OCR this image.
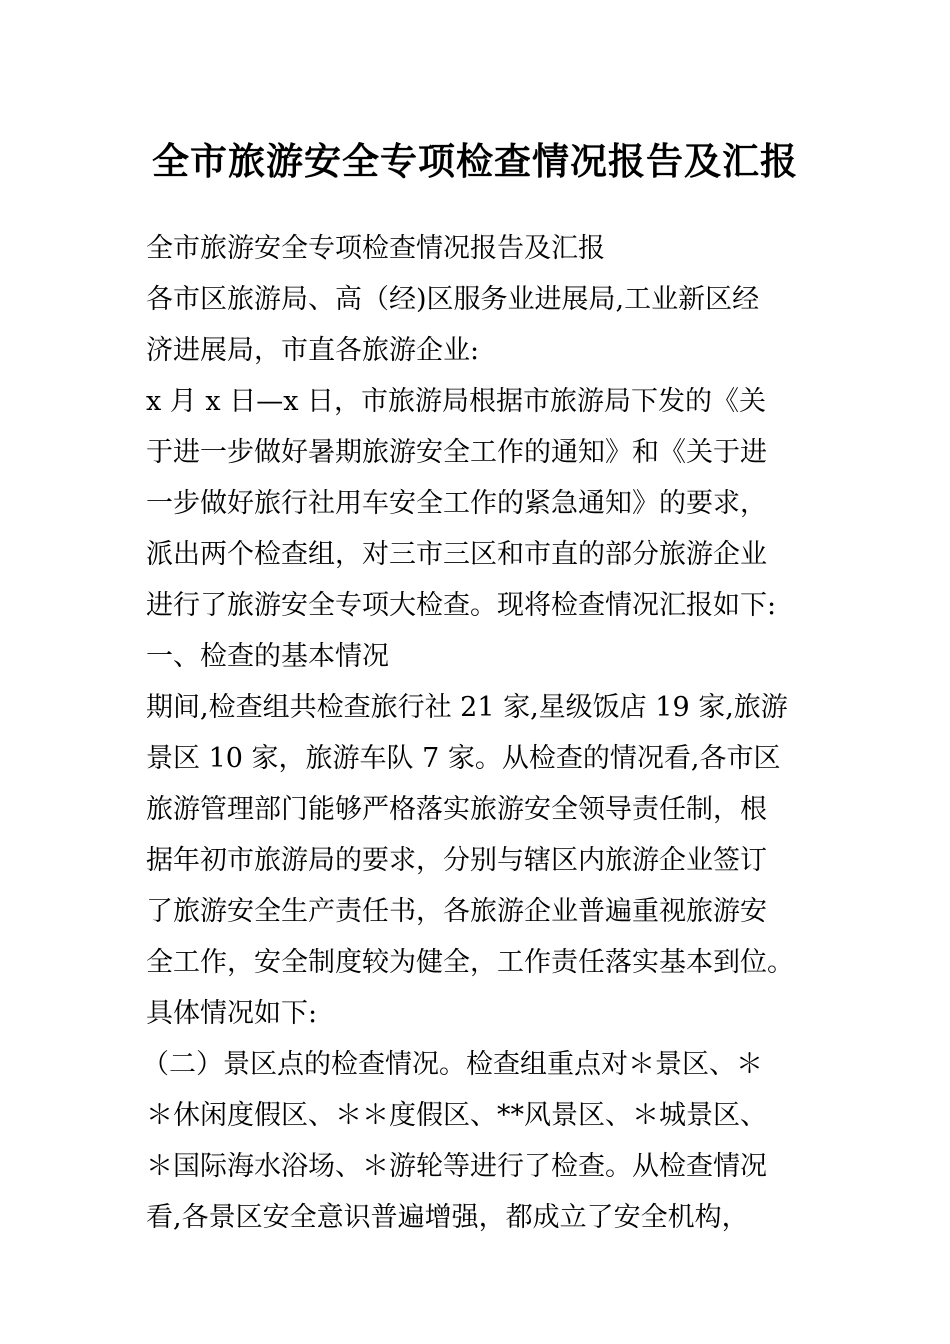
全市旅游安全专项检查情况报告及汇报
全市旅游安全专项检查情况报告及汇报
各市区旅游局、高（经)区服务业进展局,工业新区经
济进展局，市直各旅游企业:
x 月 x 日—x 日，市旅游局根据市旅游局下发的《关
于进一步做好暑期旅游安全工作的通知》和《关于进
一步做好旅行社用车安全工作的紧急通知》的要求，
派出两个检查组，对三市三区和市直的部分旅游企业
进行了旅游安全专项大检查。现将检查情况汇报如下:
一、检查的基本情况
期间,检查组共检查旅行社 21 家,星级饭店 19 家,旅游
景区 10 家，旅游车队 7 家。从检查的情况看,各市区
旅游管理部门能够严格落实旅游安全领导责任制，根
据年初市旅游局的要求，分别与辖区内旅游企业签订
了旅游安全生产责任书，各旅游企业普遍重视旅游安
全工作，安全制度较为健全，工作责任落实基本到位。
具体情况如下:
（二）景区点的检查情况。检查组重点对＊景区、＊
＊休闲度假区、＊＊度假区、**风景区、＊城景区、
＊国际海水浴场、＊游轮等进行了检查。从检查情况
看,各景区安全意识普遍增强，都成立了安全机构，
